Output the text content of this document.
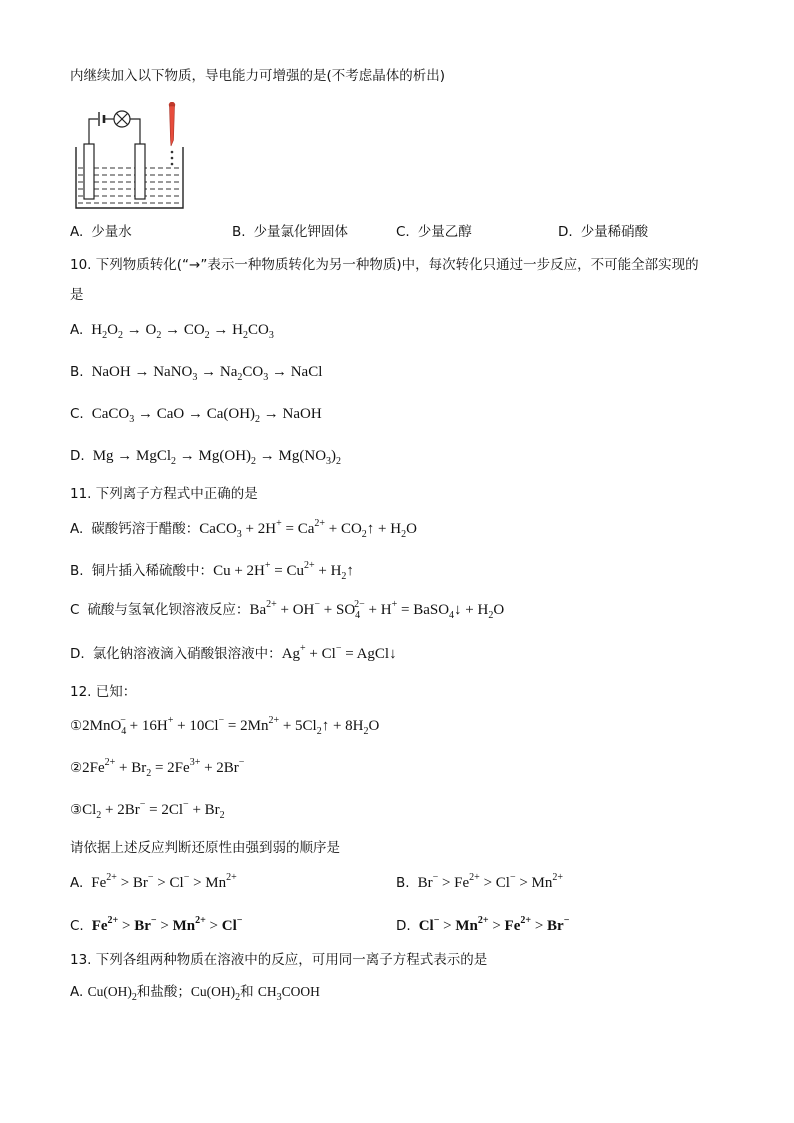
内继续加入以下物质，导电能力可增强的是(不考虑晶体的析出)
A. 少量水	B. 少量氯化钾固体	C. 少量乙醇	D. 少量稀硝酸
10. 下列物质转化(“→”表示一种物质转化为另一种物质)中，每次转化只通过一步反应，不可能全部实现的
是
A. $H_2O_2 \to O_2 \to CO_2 \to H_2CO_3$
B. NaOH → NaNO$_3$ → $Na_2CO_3$ → NaCl
C. CaCO$_3$ → CaO → $Ca(OH)_2$ → NaOH
D. Mg → MgCl$_2$ → $Mg(OH)_2 \to Mg(NO_3)_2$
11. 下列离子方程式中正确的是
A. 碳酸钙溶于醋酸：CaCO$_3$ + $2H^+ = Ca^{2+}$ + $CO_2↑ + H_2O$
B. 铜片插入稀硫酸中：$Cu + 2H^+ = Cu^{2+}$ + $H_2↑$
C 硫酸与氢氧化钡溶液反应：$Ba^{2+} + OH^- + SO_4^{2-} + H^+$ = BaSO$_4$↓ + $H_2O$
D. 氯化钠溶液滴入硝酸银溶液中：Ag+ + Cl− = AgCl↓
12. 已知：
①2MnO$_4$− + $16H^+ + 10Cl^- = 2Mn^{2+}$ + $5Cl_2↑ + 8H_2O$
$②2Fe^{2+} + Br_2 = 2Fe^{3+} + 2Br^-$
$③Cl_2 + 2Br^- = 2Cl^- + Br_2$
请依据上述反应判断还原性由强到弱的顺序是
A. $Fe^{2+} > Br^- > Cl^- > Mn^{2+}$	B. $Br^- > Fe^{2+} > Cl^- > Mn^{2+}$
C. $Fe^{2+} > Br^- > Mn^{2+} > Cl^-$	D. $Cl^- > Mn^{2+} > Fe^{2+} > Br^-$
13. 下列各组两种物质在溶液中的反应，可用同一离子方程式表示的是
A. $Cu(OH)_2$和盐酸；$Cu(OH)_2$和 $CH_3COOH$
